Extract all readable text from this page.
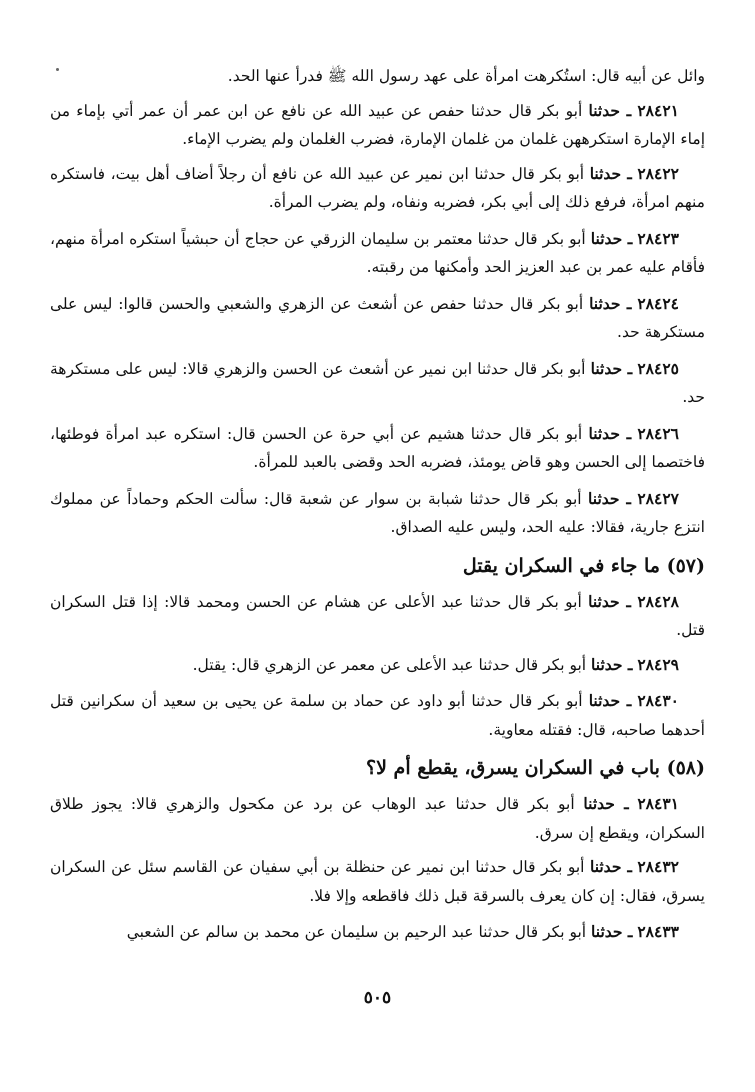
وائل عن أبيه قال: استُكرهت امرأة على عهد رسول الله ﷺ فدرأ عنها الحد.

٢٨٤٢١ ـ حدثنا أبو بكر قال حدثنا حفص عن عبيد الله عن نافع عن ابن عمر أن عمر أتي بإماء من إماء الإمارة استكرههن غلمان من غلمان الإمارة، فضرب الغلمان ولم يضرب الإماء.

٢٨٤٢٢ ـ حدثنا أبو بكر قال حدثنا ابن نمير عن عبيد الله عن نافع أن رجلاً أضاف أهل بيت، فاستكره منهم امرأة، فرفع ذلك إلى أبي بكر، فضربه ونفاه، ولم يضرب المرأة.

٢٨٤٢٣ ـ حدثنا أبو بكر قال حدثنا معتمر بن سليمان الزرقي عن حجاج أن حبشياً استكره امرأة منهم، فأقام عليه عمر بن عبد العزيز الحد وأمكنها من رقبته.

٢٨٤٢٤ ـ حدثنا أبو بكر قال حدثنا حفص عن أشعث عن الزهري والشعبي والحسن قالوا: ليس على مستكرهة حد.

٢٨٤٢٥ ـ حدثنا أبو بكر قال حدثنا ابن نمير عن أشعث عن الحسن والزهري قالا: ليس على مستكرهة حد.

٢٨٤٢٦ ـ حدثنا أبو بكر قال حدثنا هشيم عن أبي حرة عن الحسن قال: استكره عبد امرأة فوطئها، فاختصما إلى الحسن وهو قاض يومئذ، فضربه الحد وقضى بالعبد للمرأة.

٢٨٤٢٧ ـ حدثنا أبو بكر قال حدثنا شبابة بن سوار عن شعبة قال: سألت الحكم وحماداً عن مملوك انتزع جارية، فقالا: عليه الحد، وليس عليه الصداق.

(٥٧) ما جاء في السكران يقتل

٢٨٤٢٨ ـ حدثنا أبو بكر قال حدثنا عبد الأعلى عن هشام عن الحسن ومحمد قالا: إذا قتل السكران قتل.

٢٨٤٢٩ ـ حدثنا أبو بكر قال حدثنا عبد الأعلى عن معمر عن الزهري قال: يقتل.

٢٨٤٣٠ ـ حدثنا أبو بكر قال حدثنا أبو داود عن حماد بن سلمة عن يحيى بن سعيد أن سكرانين قتل أحدهما صاحبه، قال: فقتله معاوية.

(٥٨) باب في السكران يسرق، يقطع أم لا؟

٢٨٤٣١ ـ حدثنا أبو بكر قال حدثنا عبد الوهاب عن برد عن مكحول والزهري قالا: يجوز طلاق السكران، ويقطع إن سرق.

٢٨٤٣٢ ـ حدثنا أبو بكر قال حدثنا ابن نمير عن حنظلة بن أبي سفيان عن القاسم سئل عن السكران يسرق، فقال: إن كان يعرف بالسرقة قبل ذلك فاقطعه وإلا فلا.

٢٨٤٣٣ ـ حدثنا أبو بكر قال حدثنا عبد الرحيم بن سليمان عن محمد بن سالم عن الشعبي

٥٠٥
